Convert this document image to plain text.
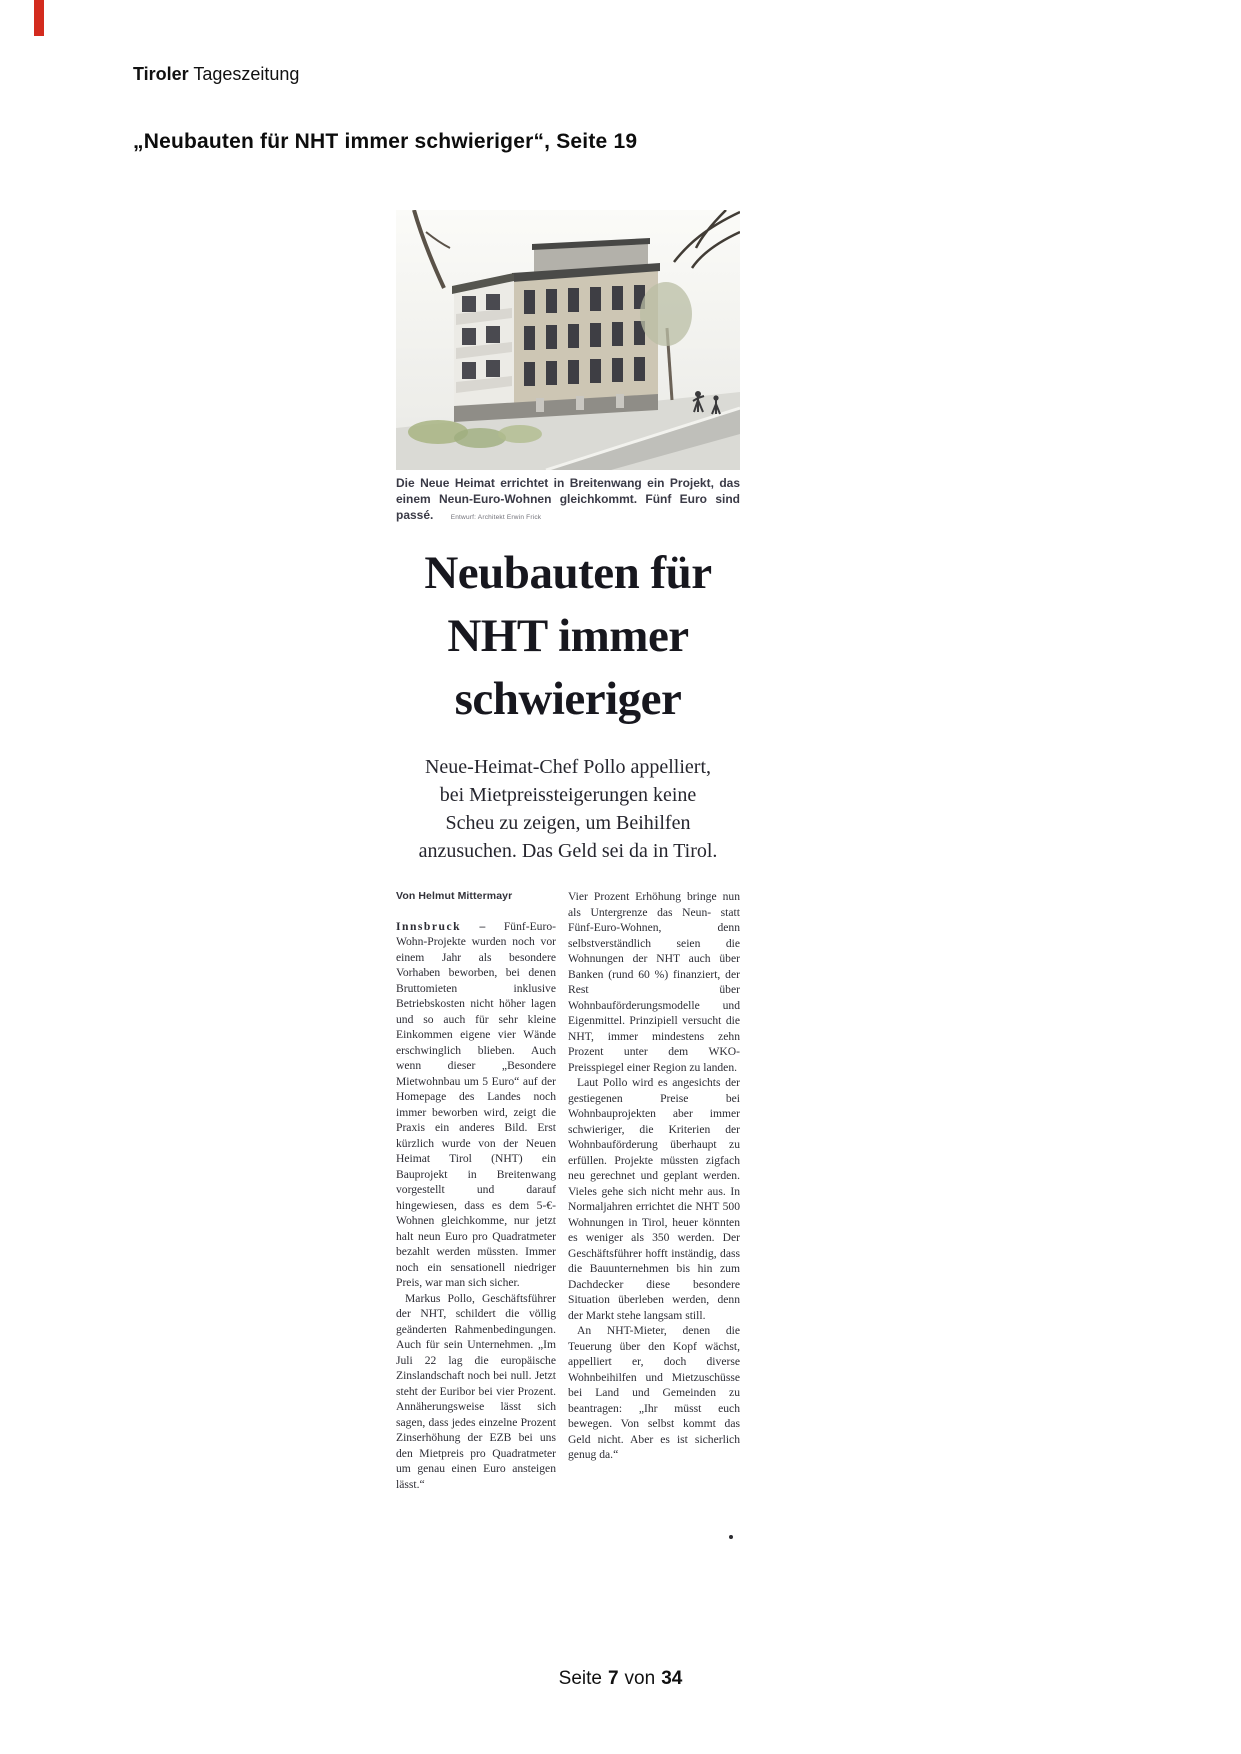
Tiroler Tageszeitung
„Neubauten für NHT immer schwieriger“, Seite 19
Die Neue Heimat errichtet in Breitenwang ein Projekt, das einem Neun-Euro-Wohnen gleichkommt. Fünf Euro sind passé.	Entwurf: Architekt Erwin Frick
Neubauten für
NHT immer
schwieriger
Neue-Heimat-Chef Pollo appelliert,
bei Mietpreissteigerungen keine
Scheu zu zeigen, um Beihilfen
anzusuchen. Das Geld sei da in Tirol.
Von Helmut Mittermayr

Innsbruck – Fünf-Euro-Wohn-Projekte wurden noch vor einem Jahr als besondere Vorhaben beworben, bei denen Bruttomieten inklusive Betriebskosten nicht höher lagen und so auch für sehr kleine Einkommen eigene vier Wände erschwinglich blieben. Auch wenn dieser „Besondere Mietwohnbau um 5 Euro“ auf der Homepage des Landes noch immer beworben wird, zeigt die Praxis ein anderes Bild. Erst kürzlich wurde von der Neuen Heimat Tirol (NHT) ein Bauprojekt in Breitenwang vorgestellt und darauf hingewiesen, dass es dem 5-€-Wohnen gleichkomme, nur jetzt halt neun Euro pro Quadratmeter bezahlt werden müssten. Immer noch ein sensationell niedriger Preis, war man sich sicher.

Markus Pollo, Geschäftsführer der NHT, schildert die völlig geänderten Rahmenbedingungen. Auch für sein Unternehmen. „Im Juli 22 lag die europäische Zinslandschaft noch bei null. Jetzt steht der Euribor bei vier Prozent. Annäherungsweise lässt sich sagen, dass jedes einzelne Prozent Zinserhöhung der EZB bei uns den Mietpreis pro Quadratmeter um genau einen Euro ansteigen lässt.“

Vier Prozent Erhöhung bringe nun als Untergrenze das Neun- statt Fünf-Euro-Wohnen, denn selbstverständlich seien die Wohnungen der NHT auch über Banken (rund 60 %) finanziert, der Rest über Wohnbauförderungsmodelle und Eigenmittel. Prinzipiell versucht die NHT, immer mindestens zehn Prozent unter dem WKO-Preisspiegel einer Region zu landen.

Laut Pollo wird es angesichts der gestiegenen Preise bei Wohnbauprojekten aber immer schwieriger, die Kriterien der Wohnbauförderung überhaupt zu erfüllen. Projekte müssten zigfach neu gerechnet und geplant werden. Vieles gehe sich nicht mehr aus. In Normaljahren errichtet die NHT 500 Wohnungen in Tirol, heuer könnten es weniger als 350 werden. Der Geschäftsführer hofft inständig, dass die Bauunternehmen bis hin zum Dachdecker diese besondere Situation überleben werden, denn der Markt stehe langsam still.

An NHT-Mieter, denen die Teuerung über den Kopf wächst, appelliert er, doch diverse Wohnbeihilfen und Mietzuschüsse bei Land und Gemeinden zu beantragen: „Ihr müsst euch bewegen. Von selbst kommt das Geld nicht. Aber es ist sicherlich genug da.“

Seite 7 von 34
